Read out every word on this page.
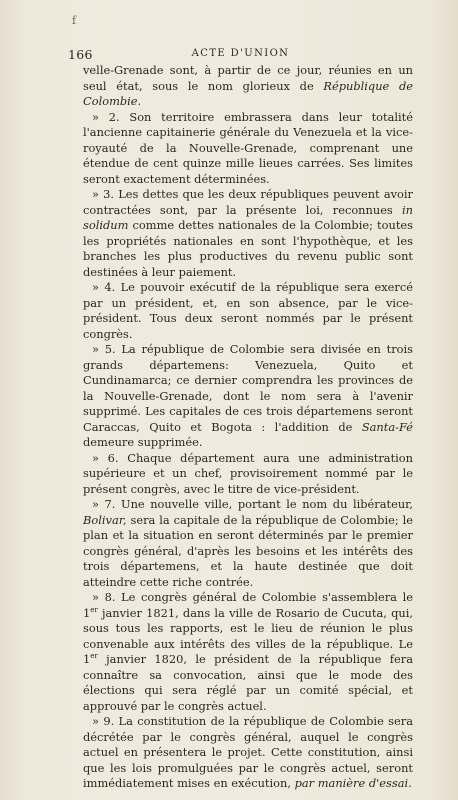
f
166	ACTE D'UNION

velle-Grenade sont, à partir de ce jour, réunies en un seul état, sous le nom glorieux de République de Colombie.

» 2. Son territoire embrassera dans leur totalité l'ancienne capitainerie générale du Venezuela et la vice-royauté de la Nouvelle-Grenade, comprenant une étendue de cent quinze mille lieues carrées. Ses limites seront exactement déterminées.

» 3. Les dettes que les deux républiques peuvent avoir contractées sont, par la présente loi, reconnues in solidum comme dettes nationales de la Colombie; toutes les propriétés nationales en sont l'hypothèque, et les branches les plus productives du revenu public sont destinées à leur paiement.

» 4. Le pouvoir exécutif de la république sera exercé par un président, et, en son absence, par le vice-président. Tous deux seront nommés par le présent congrès.

» 5. La république de Colombie sera divisée en trois grands départemens: Venezuela, Quito et Cundinamarca; ce dernier comprendra les provinces de la Nouvelle-Grenade, dont le nom sera à l'avenir supprimé. Les capitales de ces trois départemens seront Caraccas, Quito et Bogota : l'addition de Santa-Fé demeure supprimée.

» 6. Chaque département aura une administration supérieure et un chef, provisoirement nommé par le présent congrès, avec le titre de vice-président.

» 7. Une nouvelle ville, portant le nom du libérateur, Bolivar, sera la capitale de la république de Colombie; le plan et la situation en seront déterminés par le premier congrès général, d'après les besoins et les intérêts des trois départemens, et la haute destinée que doit atteindre cette riche contrée.

» 8. Le congrès général de Colombie s'assemblera le 1er janvier 1821, dans la ville de Rosario de Cucuta, qui, sous tous les rapports, est le lieu de réunion le plus convenable aux intérêts des villes de la république. Le 1er janvier 1820, le président de la république fera connaître sa convocation, ainsi que le mode des élections qui sera réglé par un comité spécial, et approuvé par le congrès actuel.

» 9. La constitution de la république de Colombie sera décrétée par le congrès général, auquel le congrès actuel en présentera le projet. Cette constitution, ainsi que les lois promulguées par le congrès actuel, seront immédiatement mises en exécution, par manière d'essai.
